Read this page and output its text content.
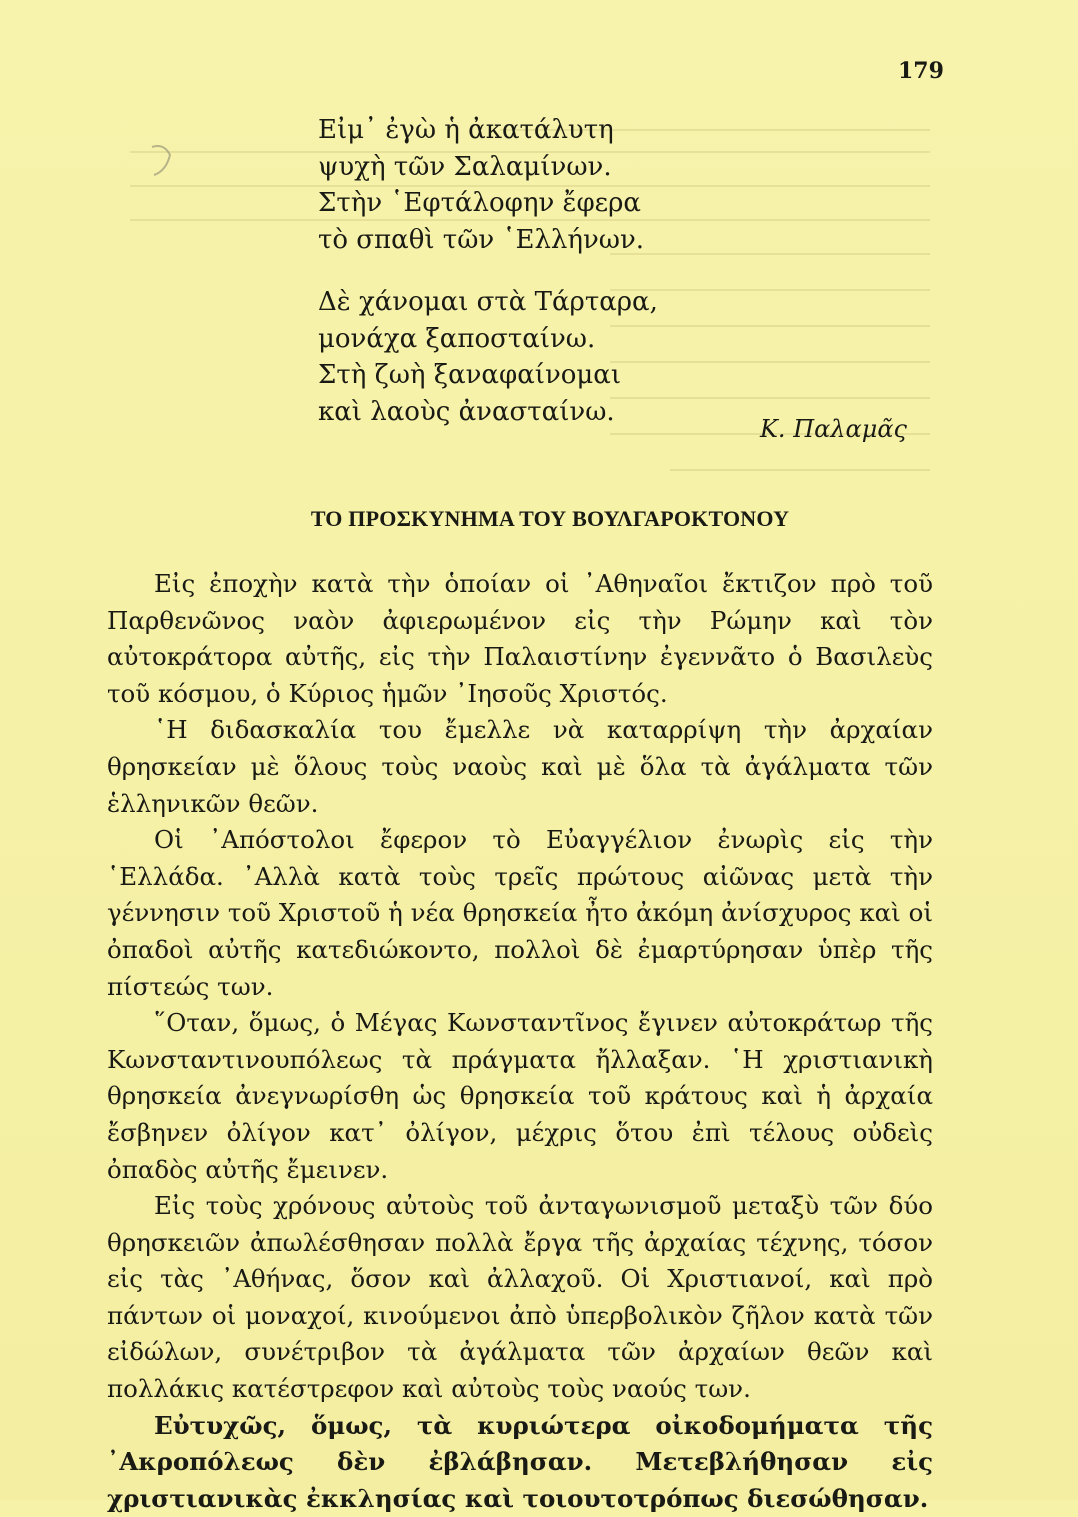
179
Εἰμ᾽ ἐγὼ ἡ ἀκατάλυτη
ψυχὴ τῶν Σαλαμίνων.
Στὴν ῾Εφτάλοφην ἔφερα
τὸ σπαθὶ τῶν ῾Ελλήνων.
Δὲ χάνομαι στὰ Τάρταρα,
μονάχα ξαποσταίνω.
Στὴ ζωὴ ξαναφαίνομαι
καὶ λαοὺς ἀνασταίνω.
Κ. Παλαμᾶς
ΤΟ ΠΡΟΣΚΥΝΗΜΑ ΤΟΥ ΒΟΥΛΓΑΡΟΚΤΟΝΟΥ

Εἰς ἐποχὴν κατὰ τὴν ὁποίαν οἱ ᾽Αθηναῖοι ἔκτιζον πρὸ τοῦ Παρθενῶνος ναὸν ἀφιερωμένον εἰς τὴν Ρώμην καὶ τὸν αὐτοκράτορα αὐτῆς, εἰς τὴν Παλαιστίνην ἐγεννᾶτο ὁ Βασιλεὺς τοῦ κόσμου, ὁ Κύριος ἡμῶν ᾽Ιησοῦς Χριστός.

῾Η διδασκαλία του ἔμελλε νὰ καταρρίψη τὴν ἀρχαίαν θρησκείαν μὲ ὅλους τοὺς ναοὺς καὶ μὲ ὅλα τὰ ἀγάλματα τῶν ἑλληνικῶν θεῶν.

Οἱ ᾽Απόστολοι ἔφερον τὸ Εὐαγγέλιον ἐνωρὶς εἰς τὴν ῾Ελλάδα. ᾽Αλλὰ κατὰ τοὺς τρεῖς πρώτους αἰῶνας μετὰ τὴν γέννησιν τοῦ Χριστοῦ ἡ νέα θρησκεία ἦτο ἀκόμη ἀνίσχυρος καὶ οἱ ὀπαδοὶ αὐτῆς κατεδιώκοντο, πολλοὶ δὲ ἐμαρτύρησαν ὑπὲρ τῆς πίστεώς των.

῞Οταν, ὅμως, ὁ Μέγας Κωνσταντῖνος ἔγινεν αὐτοκράτωρ τῆς Κωνσταντινουπόλεως τὰ πράγματα ἤλλαξαν. ῾Η χριστιανικὴ θρησκεία ἀνεγνωρίσθη ὡς θρησκεία τοῦ κράτους καὶ ἡ ἀρχαία ἔσβηνεν ὀλίγον κατ᾽ ὀλίγον, μέχρις ὅτου ἐπὶ τέλους οὐδεὶς ὀπαδὸς αὐτῆς ἔμεινεν.

Εἰς τοὺς χρόνους αὐτοὺς τοῦ ἀνταγωνισμοῦ μεταξὺ τῶν δύο θρησκειῶν ἀπωλέσθησαν πολλὰ ἔργα τῆς ἀρχαίας τέχνης, τόσον εἰς τὰς ᾽Αθήνας, ὅσον καὶ ἀλλαχοῦ. Οἱ Χριστιανοί, καὶ πρὸ πάντων οἱ μοναχοί, κινούμενοι ἀπὸ ὑπερβολικὸν ζῆλον κατὰ τῶν εἰδώλων, συνέτριβον τὰ ἀγάλματα τῶν ἀρχαίων θεῶν καὶ πολλάκις κατέστρεφον καὶ αὐτοὺς τοὺς ναούς των.

Εὐτυχῶς, ὅμως, τὰ κυριώτερα οἰκοδομήματα τῆς ᾽Ακροπόλεως δὲν ἐβλάβησαν. Μετεβλήθησαν εἰς χριστιανικὰς ἐκκλησίας καὶ τοιουτοτρόπως διεσώθησαν.
